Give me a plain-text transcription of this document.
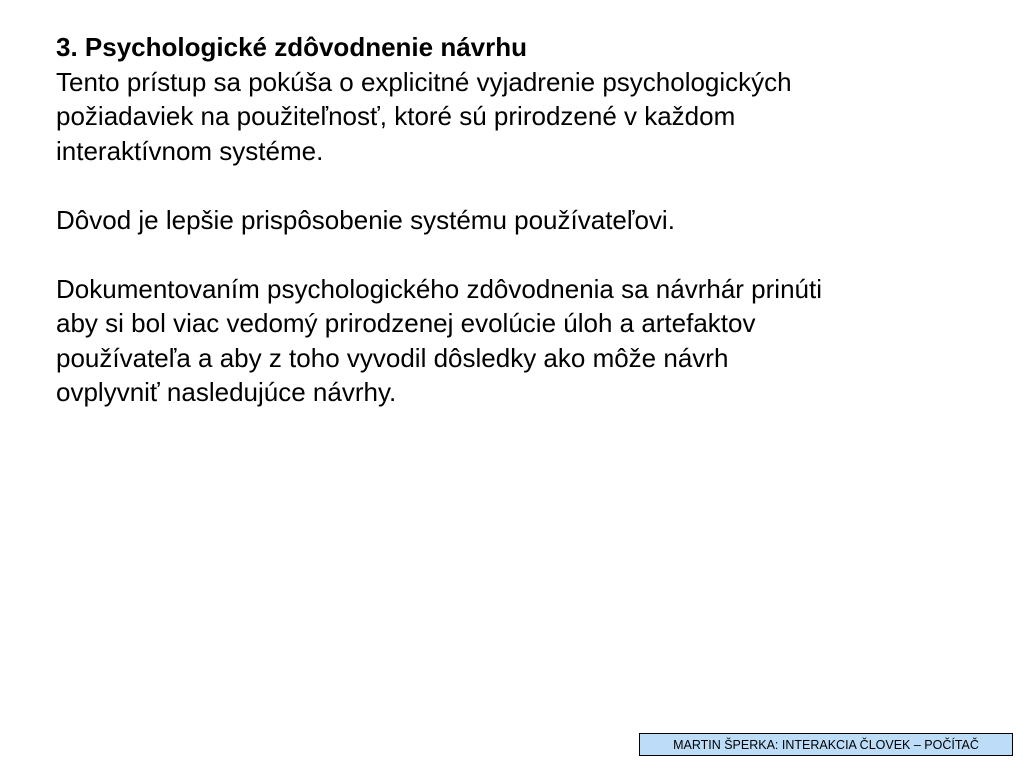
3. Psychologické zdôvodnenie návrhu
Tento prístup sa pokúša o explicitné vyjadrenie psychologických
požiadaviek na použiteľnosť, ktoré sú prirodzené v každom
interaktívnom systéme.
Dôvod je lepšie prispôsobenie systému používateľovi.
Dokumentovaním psychologického zdôvodnenia sa návrhár prinúti
aby si bol viac vedomý prirodzenej evolúcie úloh a artefaktov
používateľa a aby z toho vyvodil dôsledky ako môže návrh
ovplyvniť nasledujúce návrhy.
MARTIN ŠPERKA: INTERAKCIA ČLOVEK – POČÍTAČ
